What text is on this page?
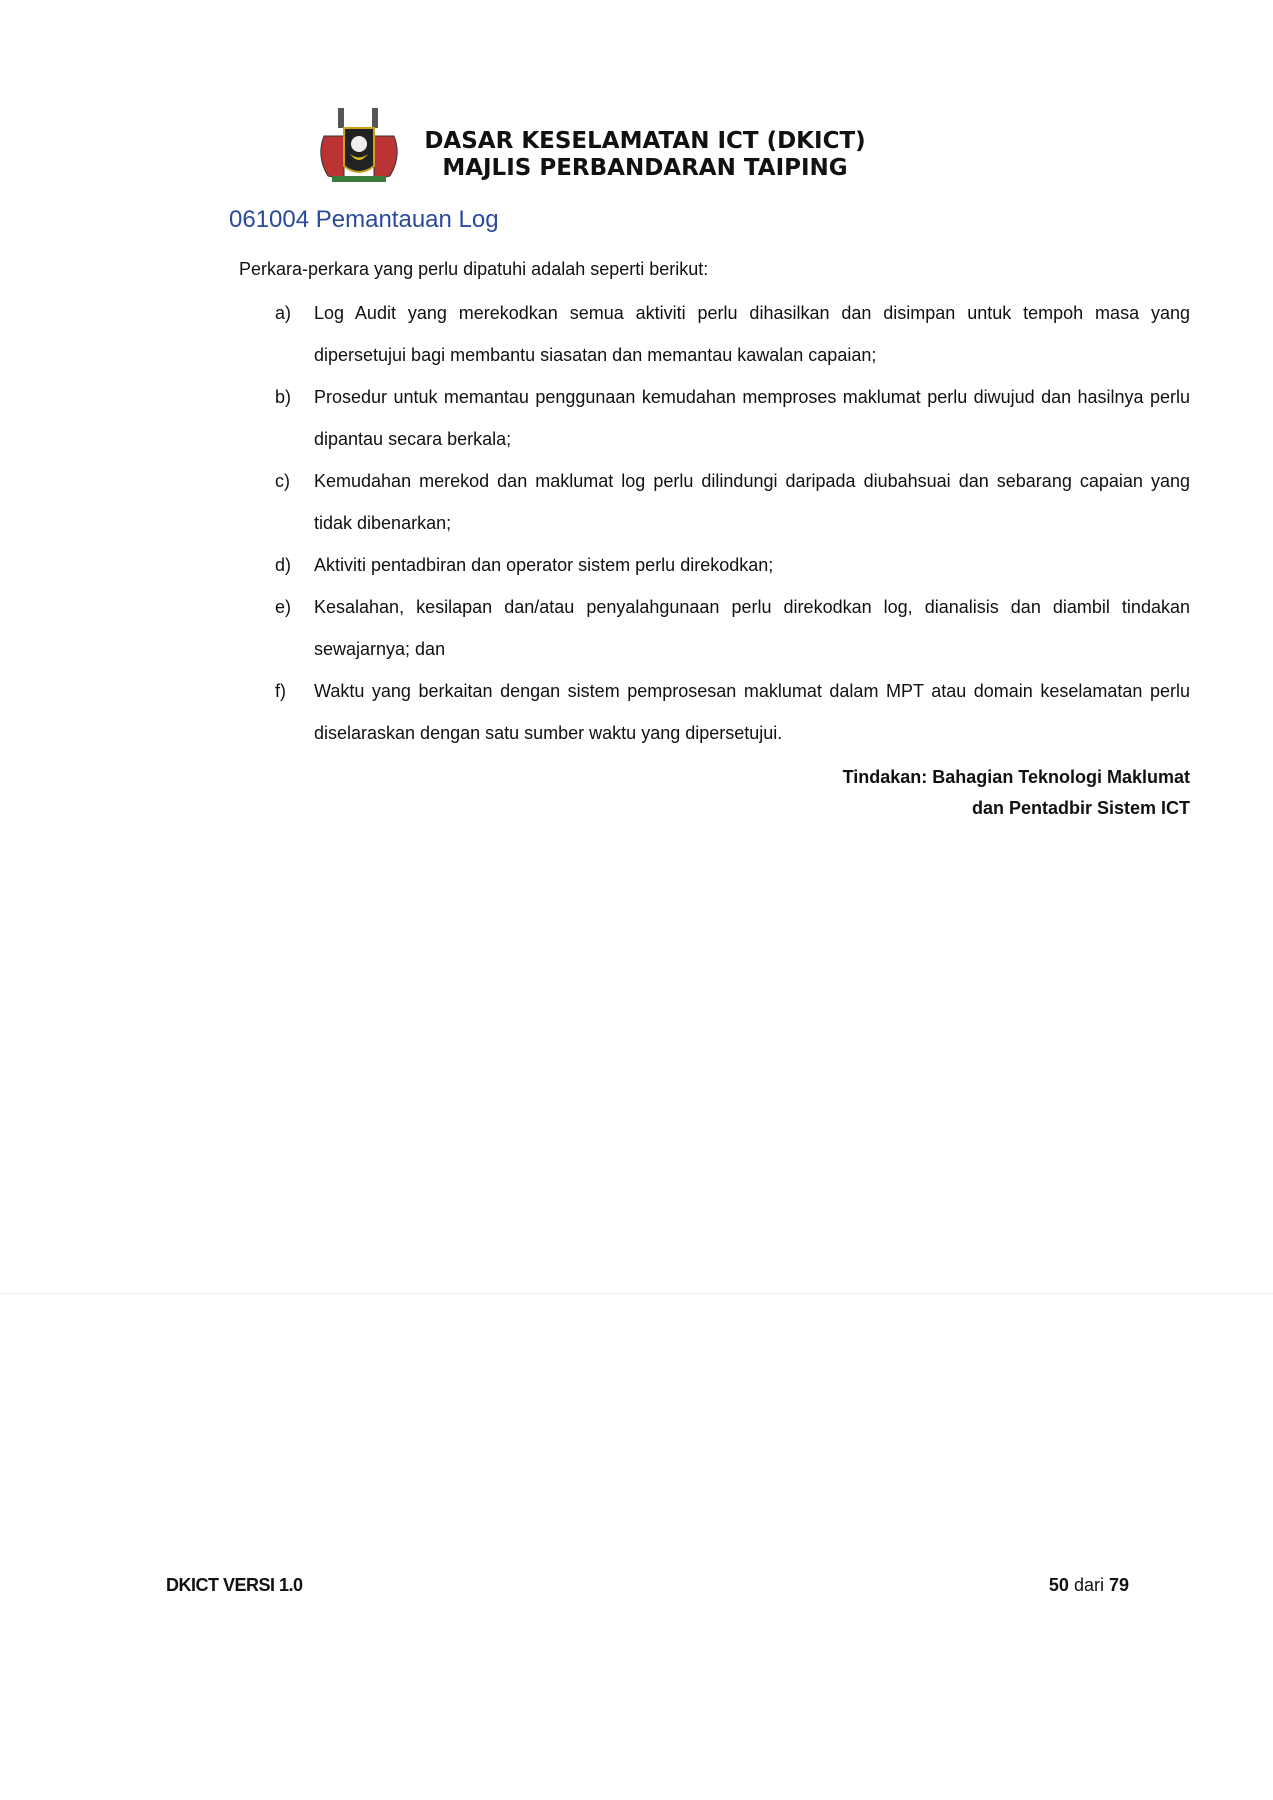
DASAR KESELAMATAN ICT (DKICT)
MAJLIS PERBANDARAN TAIPING
061004 Pemantauan Log
Perkara-perkara yang perlu dipatuhi adalah seperti berikut:
a)	Log Audit yang merekodkan semua aktiviti perlu dihasilkan dan disimpan untuk tempoh masa yang dipersetujui bagi membantu siasatan dan memantau kawalan capaian;
b)	Prosedur untuk memantau penggunaan kemudahan memproses maklumat perlu diwujud dan hasilnya perlu dipantau secara berkala;
c)	Kemudahan merekod dan maklumat log perlu dilindungi daripada diubahsuai dan sebarang capaian yang tidak dibenarkan;
d)	Aktiviti pentadbiran dan operator sistem perlu direkodkan;
e)	Kesalahan, kesilapan dan/atau penyalahgunaan perlu direkodkan log, dianalisis dan diambil tindakan sewajarnya; dan
f)	Waktu yang berkaitan dengan sistem pemprosesan maklumat dalam MPT atau domain keselamatan perlu diselaraskan dengan satu sumber waktu yang dipersetujui.
Tindakan: Bahagian Teknologi Maklumat
dan Pentadbir Sistem ICT
DKICT VERSI 1.0	50 dari 79
